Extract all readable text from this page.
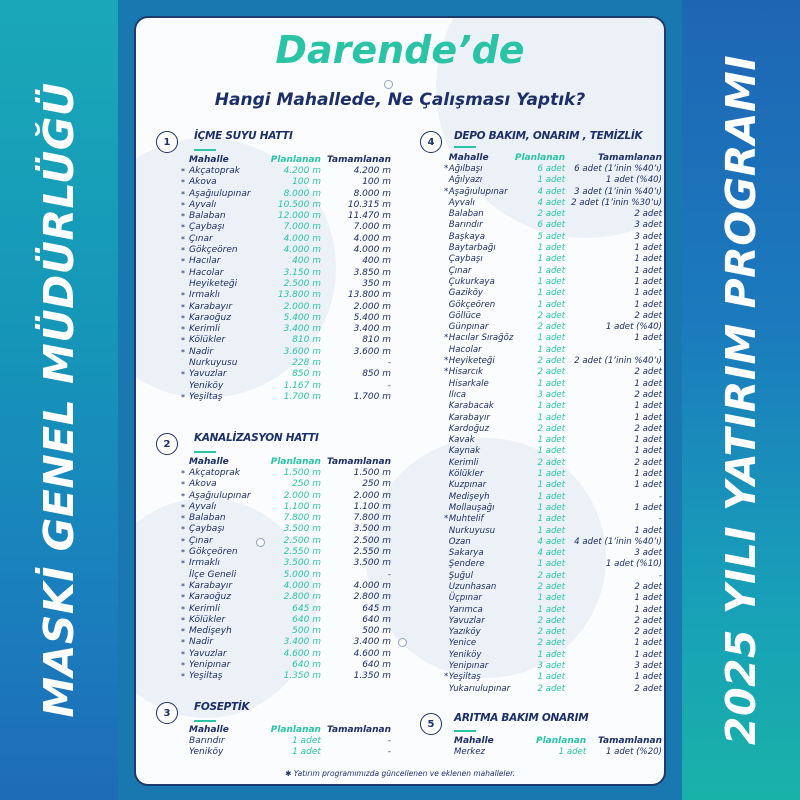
MASKİ GENEL MÜDÜRLÜĞÜ	2025 YILI YATIRIM PROGRAMI
Darende’de
Hangi Mahallede, Ne Çalışması Yaptık?
1	İÇME SUYU HATTI
	Mahalle	Planlanan	Tamamlanan
*	Akçatoprak	4.200 m	4.200 m
*	Akova	100 m	100 m
*	Aşağıulupınar	8.000 m	8.000 m
*	Ayvalı	10.500 m	10.315 m
*	Balaban	12.000 m	11.470 m
*	Çaybaşı	7.000 m	7.000 m
*	Çınar	4.000 m	4.000 m
*	Gökçeören	4.000 m	4.000 m
*	Hacılar	400 m	400 m
*	Hacolar	3.150 m	3.850 m
	Heyiketeği	2.500 m	350 m
*	Irmaklı	13.800 m	13.800 m
*	Karabayır	2.000 m	2.000 m
*	Karaoğuz	5.400 m	5.400 m
*	Kerimli	3.400 m	3.400 m
*	Kölükler	810 m	810 m
*	Nadir	3.600 m	3.600 m
	Nurkuyusu	228 m	-
*	Yavuzlar	850 m	850 m
	Yeniköy	1.167 m	-
*	Yeşiltaş	1.700 m	1.700 m
2	KANALİZASYON HATTI
	Mahalle	Planlanan	Tamamlanan
*	Akçatoprak	1.500 m	1.500 m
*	Akova	250 m	250 m
*	Aşağıulupınar	2.000 m	2.000 m
*	Ayvalı	1.100 m	1.100 m
*	Balaban	7.800 m	7.800 m
*	Çaybaşı	3.500 m	3.500 m
*	Çınar	2.500 m	2.500 m
*	Gökçeören	2.550 m	2.550 m
*	Irmaklı	3.500 m	3.500 m
	İlçe Geneli	5.000 m	-
*	Karabayır	4.000 m	4.000 m
*	Karaoğuz	2.800 m	2.800 m
*	Kerimli	645 m	645 m
*	Kölükler	640 m	640 m
*	Medişeyh	500 m	500 m
*	Nadir	3.400 m	3.400 m
*	Yavuzlar	4.600 m	4.600 m
*	Yenipınar	640 m	640 m
*	Yeşiltaş	1.350 m	1.350 m
3	FOSEPTİK
	Mahalle	Planlanan	Tamamlanan
	Barındır	1 adet	-
	Yeniköy	1 adet	-
4	DEPO BAKIM, ONARIM , TEMİZLİK
	Mahalle	Planlanan	Tamamlanan
*	Ağılbaşı	6 adet	6 adet (1’inin %40’ı)
	Ağılyazı	1 adet	1 adet (%40)
*	Aşağıulupınar	4 adet	3 adet (1’inin %40’ı)
	Ayvalı	4 adet	2 adet (1’inin %30’u)
	Balaban	2 adet	2 adet
	Barındır	6 adet	3 adet
	Başkaya	5 adet	3 adet
	Baytarbağı	1 adet	1 adet
	Çaybaşı	1 adet	1 adet
	Çınar	1 adet	1 adet
	Çukurkaya	1 adet	1 adet
	Gaziköy	1 adet	1 adet
	Gökçeören	1 adet	1 adet
	Göllüce	2 adet	2 adet
	Günpınar	2 adet	1 adet (%40)
*	Hacılar Sırağöz	1 adet	1 adet
	Hacolar	1 adet	-
*	Heyiketeği	2 adet	2 adet (1’inin %40’ı)
*	Hisarcık	2 adet	2 adet
	Hisarkale	1 adet	1 adet
	Ilıca	3 adet	2 adet
	Karabacak	1 adet	1 adet
	Karabayır	1 adet	1 adet
	Kardoğuz	2 adet	2 adet
	Kavak	1 adet	1 adet
	Kaynak	1 adet	1 adet
	Kerimli	2 adet	2 adet
	Kölükler	1 adet	1 adet
	Kuzpınar	1 adet	1 adet
	Medişeyh	1 adet	-
	Mollauşağı	1 adet	1 adet
*	Muhtelif	1 adet	-
	Nurkuyusu	1 adet	1 adet
	Ozan	4 adet	4 adet (1’inin %40’ı)
	Sakarya	4 adet	3 adet
	Şendere	1 adet	1 adet (%10)
	Şuğul	2 adet	-
	Uzunhasan	2 adet	2 adet
	Üçpınar	1 adet	1 adet
	Yarımca	1 adet	1 adet
	Yavuzlar	2 adet	2 adet
	Yazıköy	2 adet	2 adet
	Yenice	2 adet	1 adet
	Yeniköy	1 adet	1 adet
	Yenipınar	3 adet	3 adet
*	Yeşiltaş	1 adet	1 adet
	Yukarıulupınar	2 adet	2 adet
5	ARITMA BAKIM ONARIM
	Mahalle	Planlanan	Tamamlanan
	Merkez	1 adet	1 adet (%20)
✱ Yatırım programımızda güncellenen ve eklenen mahalleler.
